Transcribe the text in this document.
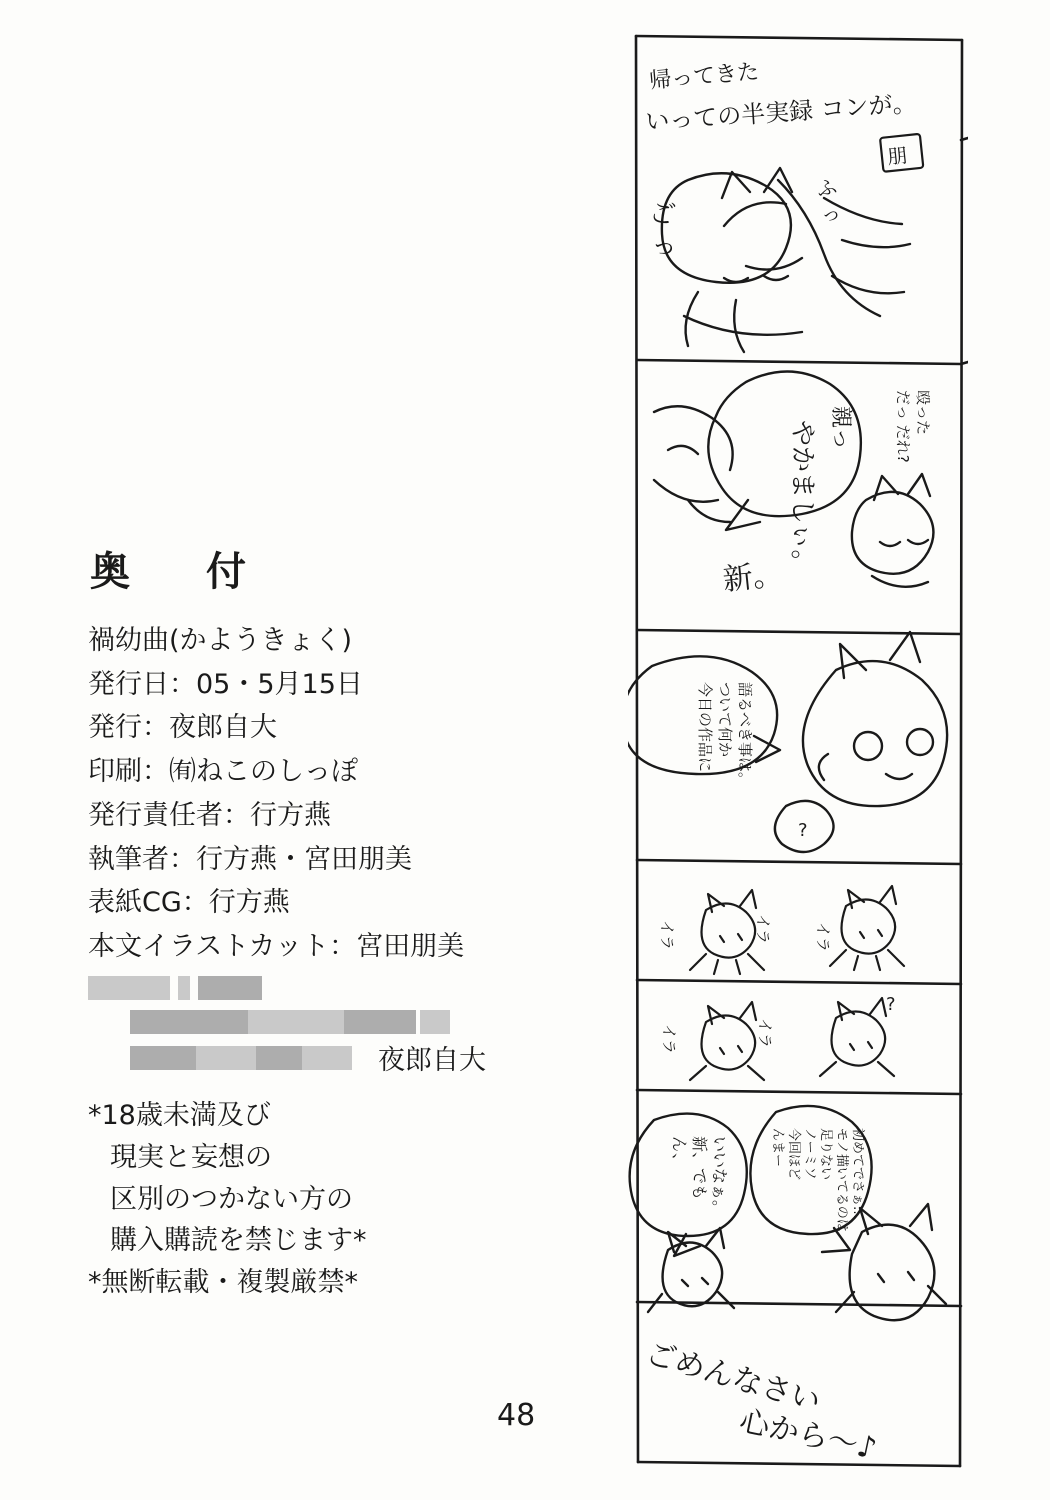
奥　付
禍幼曲(かようきょく)
発行日：05・5月15日
発行：夜郎自大
印刷：㈲ねこのしっぽ
発行責任者：行方燕
執筆者：行方燕・宮田朋美
表紙CG：行方燕
本文イラストカット：宮田朋美
夜郎自大
*18歳未満及び
現実と妄想の
区別のつかない方の
購入購読を禁じます*
*無断転載・複製厳禁*
48
帰ってきた
いっての半実録 コンが。
朋
ご
っ
ふ
っ
やかましぃ。 親っ	だっ だれ? 殴った
新。
今日の作品に ついて何か 語るべき事は。
?
イラ	イラ	イラ
イラ	イラ
?
ん、 新、でも いいなぁ。	んまー 今回ほど ノーミソ 足りない モノ描いてるのは 初めてでさぁ…
ごめんなさい
心から〜♪
